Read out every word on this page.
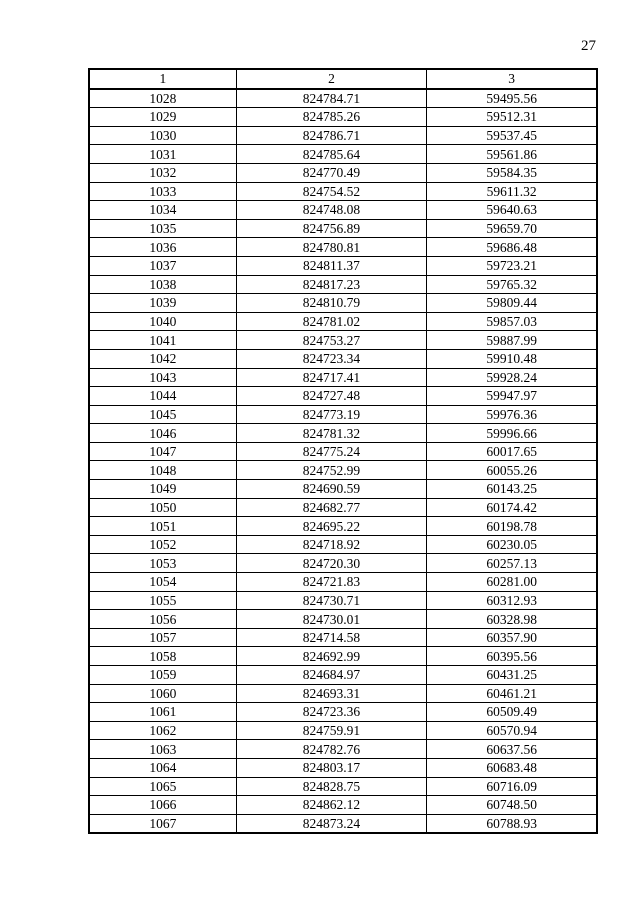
27
1	2	3
1028	824784.71	59495.56
1029	824785.26	59512.31
1030	824786.71	59537.45
1031	824785.64	59561.86
1032	824770.49	59584.35
1033	824754.52	59611.32
1034	824748.08	59640.63
1035	824756.89	59659.70
1036	824780.81	59686.48
1037	824811.37	59723.21
1038	824817.23	59765.32
1039	824810.79	59809.44
1040	824781.02	59857.03
1041	824753.27	59887.99
1042	824723.34	59910.48
1043	824717.41	59928.24
1044	824727.48	59947.97
1045	824773.19	59976.36
1046	824781.32	59996.66
1047	824775.24	60017.65
1048	824752.99	60055.26
1049	824690.59	60143.25
1050	824682.77	60174.42
1051	824695.22	60198.78
1052	824718.92	60230.05
1053	824720.30	60257.13
1054	824721.83	60281.00
1055	824730.71	60312.93
1056	824730.01	60328.98
1057	824714.58	60357.90
1058	824692.99	60395.56
1059	824684.97	60431.25
1060	824693.31	60461.21
1061	824723.36	60509.49
1062	824759.91	60570.94
1063	824782.76	60637.56
1064	824803.17	60683.48
1065	824828.75	60716.09
1066	824862.12	60748.50
1067	824873.24	60788.93
